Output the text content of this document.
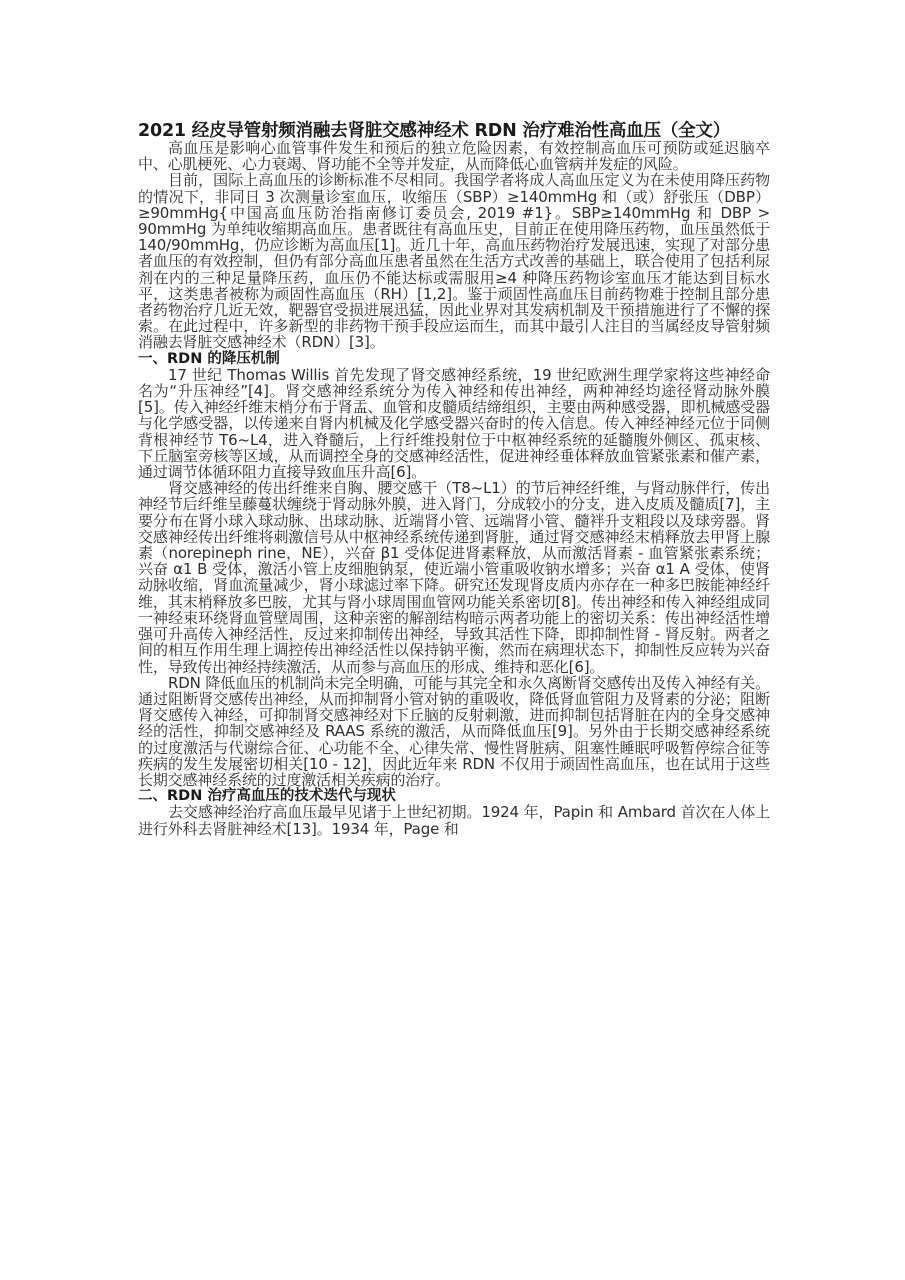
2021 经皮导管射频消融去肾脏交感神经术 RDN 治疗难治性高血压（全文）

高血压是影响心血管事件发生和预后的独立危险因素，有效控制高血压可预防或延迟脑卒中、心肌梗死、心力衰竭、肾功能不全等并发症，从而降低心血管病并发症的风险。

目前，国际上高血压的诊断标准不尽相同。我国学者将成人高血压定义为在未使用降压药物的情况下，非同日 3 次测量诊室血压，收缩压（SBP）≥140mmHg 和（或）舒张压（DBP）≥90mmHg{中国高血压防治指南修订委员会, 2019 #1}。SBP≥140mmHg 和 DBP > 90mmHg 为单纯收缩期高血压。患者既往有高血压史，目前正在使用降压药物，血压虽然低于 140/90mmHg，仍应诊断为高血压[1]。近几十年，高血压药物治疗发展迅速，实现了对部分患者血压的有效控制，但仍有部分高血压患者虽然在生活方式改善的基础上，联合使用了包括利尿剂在内的三种足量降压药，血压仍不能达标或需服用≥4 种降压药物诊室血压才能达到目标水平，这类患者被称为顽固性高血压（RH）[1,2]。鉴于顽固性高血压目前药物难于控制且部分患者药物治疗几近无效，靶器官受损进展迅猛，因此业界对其发病机制及干预措施进行了不懈的探索。在此过程中，许多新型的非药物干预手段应运而生，而其中最引人注目的当属经皮导管射频消融去肾脏交感神经术（RDN）[3]。

一、RDN 的降压机制

17 世纪 Thomas Willis 首先发现了肾交感神经系统，19 世纪欧洲生理学家将这些神经命名为“升压神经”[4]。肾交感神经系统分为传入神经和传出神经，两种神经均途径肾动脉外膜[5]。传入神经纤维末梢分布于肾盂、血管和皮髓质结缔组织，主要由两种感受器，即机械感受器与化学感受器，以传递来自肾内机械及化学感受器兴奋时的传入信息。传入神经神经元位于同侧背根神经节 T6~L4，进入脊髓后，上行纤维投射位于中枢神经系统的延髓腹外侧区、孤束核、下丘脑室旁核等区域，从而调控全身的交感神经活性，促进神经垂体释放血管紧张素和催产素，通过调节体循环阻力直接导致血压升高[6]。

肾交感神经的传出纤维来自胸、腰交感干（T8~L1）的节后神经纤维，与肾动脉伴行，传出神经节后纤维呈藤蔓状缠绕于肾动脉外膜，进入肾门，分成较小的分支，进入皮质及髓质[7]，主要分布在肾小球入球动脉、出球动脉、近端肾小管、远端肾小管、髓袢升支粗段以及球旁器。肾交感神经传出纤维将刺激信号从中枢神经系统传递到肾脏，通过肾交感神经末梢释放去甲肾上腺素（norepineph rine，NE），兴奋 β1 受体促进肾素释放，从而激活肾素 - 血管紧张素系统；兴奋 α1 B 受体，激活小管上皮细胞钠泵，使近端小管重吸收钠水增多；兴奋 α1 A 受体，使肾动脉收缩，肾血流量减少，肾小球滤过率下降。研究还发现肾皮质内亦存在一种多巴胺能神经纤维，其末梢释放多巴胺，尤其与肾小球周围血管网功能关系密切[8]。传出神经和传入神经组成同一神经束环绕肾血管壁周围，这种亲密的解剖结构暗示两者功能上的密切关系：传出神经活性增强可升高传入神经活性，反过来抑制传出神经，导致其活性下降，即抑制性肾 - 肾反射。两者之间的相互作用生理上调控传出神经活性以保持钠平衡，然而在病理状态下，抑制性反应转为兴奋性，导致传出神经持续激活，从而参与高血压的形成、维持和恶化[6]。

RDN 降低血压的机制尚未完全明确，可能与其完全和永久离断肾交感传出及传入神经有关。通过阻断肾交感传出神经，从而抑制肾小管对钠的重吸收，降低肾血管阻力及肾素的分泌；阻断肾交感传入神经，可抑制肾交感神经对下丘脑的反射刺激，进而抑制包括肾脏在内的全身交感神经的活性，抑制交感神经及 RAAS 系统的激活，从而降低血压[9]。另外由于长期交感神经系统的过度激活与代谢综合征、心功能不全、心律失常、慢性肾脏病、阻塞性睡眠呼吸暂停综合征等疾病的发生发展密切相关[10 - 12]，因此近年来 RDN 不仅用于顽固性高血压，也在试用于这些长期交感神经系统的过度激活相关疾病的治疗。

二、RDN 治疗高血压的技术迭代与现状

去交感神经治疗高血压最早见诸于上世纪初期。1924 年，Papin 和 Ambard 首次在人体上进行外科去肾脏神经术[13]。1934 年，Page 和
